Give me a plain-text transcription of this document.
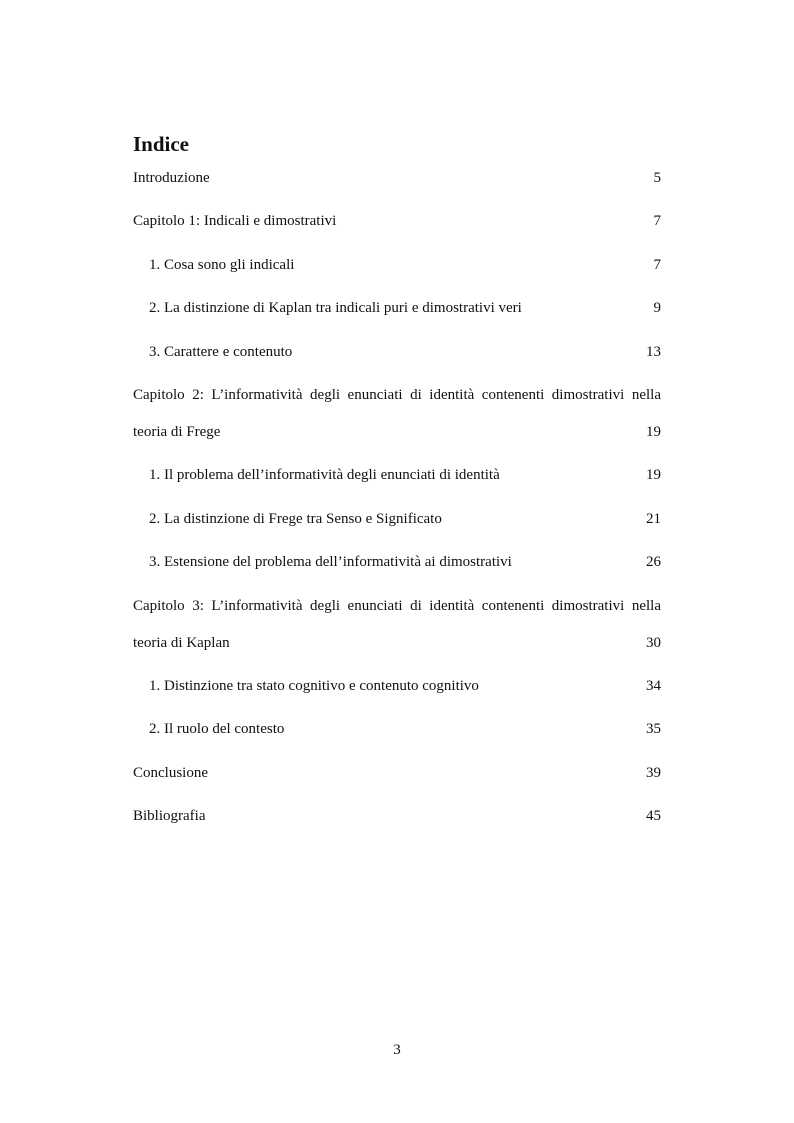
Indice
Introduzione	5
Capitolo 1: Indicali e dimostrativi	7
1. Cosa sono gli indicali	7
2. La distinzione di Kaplan tra indicali puri e dimostrativi veri	9
3. Carattere e contenuto	13
Capitolo 2: L’informatività degli enunciati di identità contenenti dimostrativi nella
teoria di Frege	19
1. Il problema dell’informatività degli enunciati di identità	19
2. La distinzione di Frege tra Senso e Significato	21
3. Estensione del problema dell’informatività ai dimostrativi	26
Capitolo 3: L’informatività degli enunciati di identità contenenti dimostrativi nella
teoria di Kaplan	30
1. Distinzione tra stato cognitivo e contenuto cognitivo	34
2. Il ruolo del contesto	35
Conclusione	39
Bibliografia	45
3
